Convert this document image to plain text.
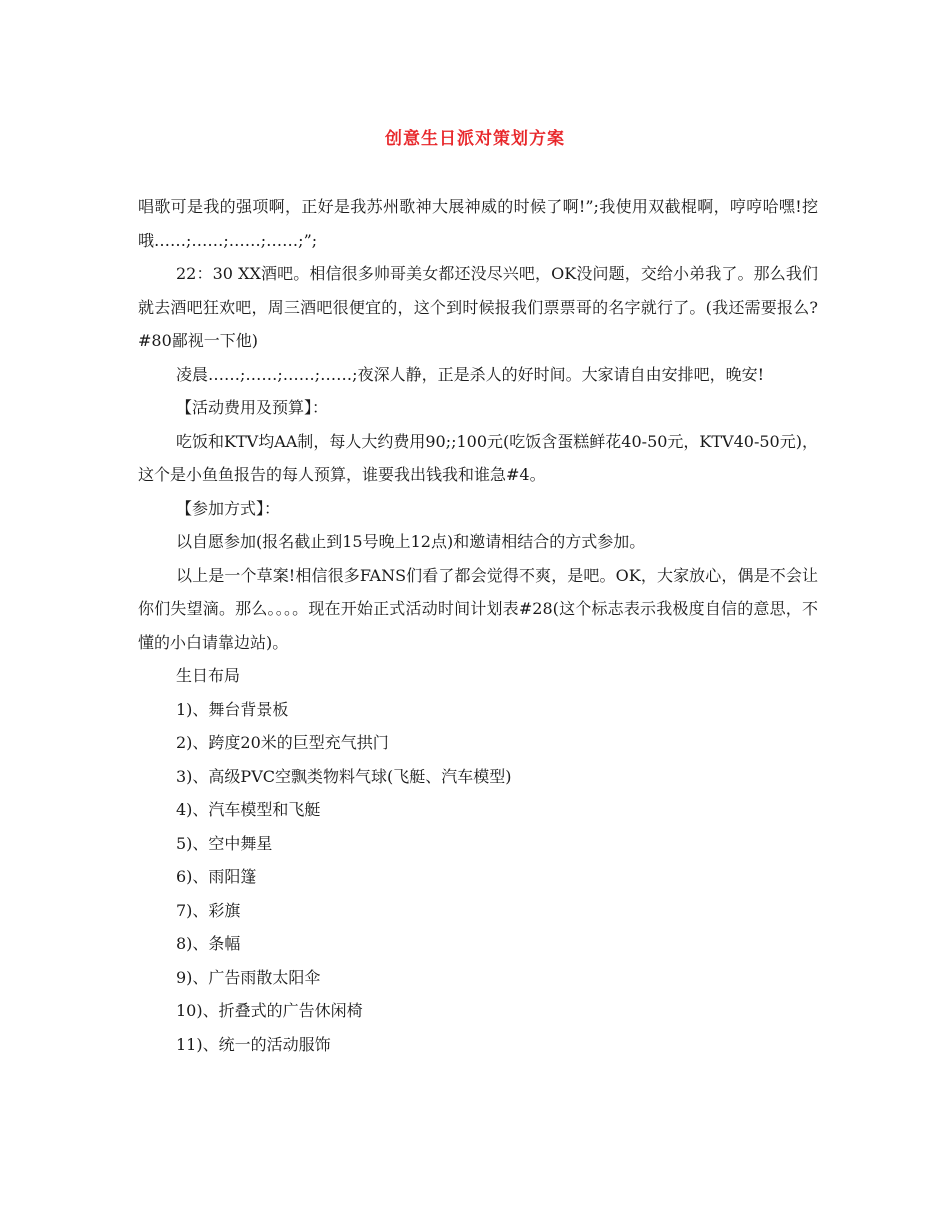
创意生日派对策划方案

唱歌可是我的强项啊，正好是我苏州歌神大展神威的时候了啊!”;我使用双截棍啊，哼哼哈嘿!挖哦……;……;……;……;”;

22：30 XX酒吧。相信很多帅哥美女都还没尽兴吧，OK没问题，交给小弟我了。那么我们就去酒吧狂欢吧，周三酒吧很便宜的，这个到时候报我们票票哥的名字就行了。(我还需要报么?#80鄙视一下他)

凌晨……;……;……;……;夜深人静，正是杀人的好时间。大家请自由安排吧，晚安!

【活动费用及预算】：

吃饭和KTV均AA制，每人大约费用90;;100元(吃饭含蛋糕鲜花40-50元，KTV40-50元)，这个是小鱼鱼报告的每人预算，谁要我出钱我和谁急#4。

【参加方式】：

以自愿参加(报名截止到15号晚上12点)和邀请相结合的方式参加。

以上是一个草案!相信很多FANS们看了都会觉得不爽，是吧。OK，大家放心，偶是不会让你们失望滴。那么。。。。现在开始正式活动时间计划表#28(这个标志表示我极度自信的意思，不懂的小白请靠边站)。

生日布局

1)、舞台背景板

2)、跨度20米的巨型充气拱门

3)、高级PVC空飘类物料气球(飞艇、汽车模型)

4)、汽车模型和飞艇

5)、空中舞星

6)、雨阳篷

7)、彩旗

8)、条幅

9)、广告雨散太阳伞

10)、折叠式的广告休闲椅

11)、统一的活动服饰
